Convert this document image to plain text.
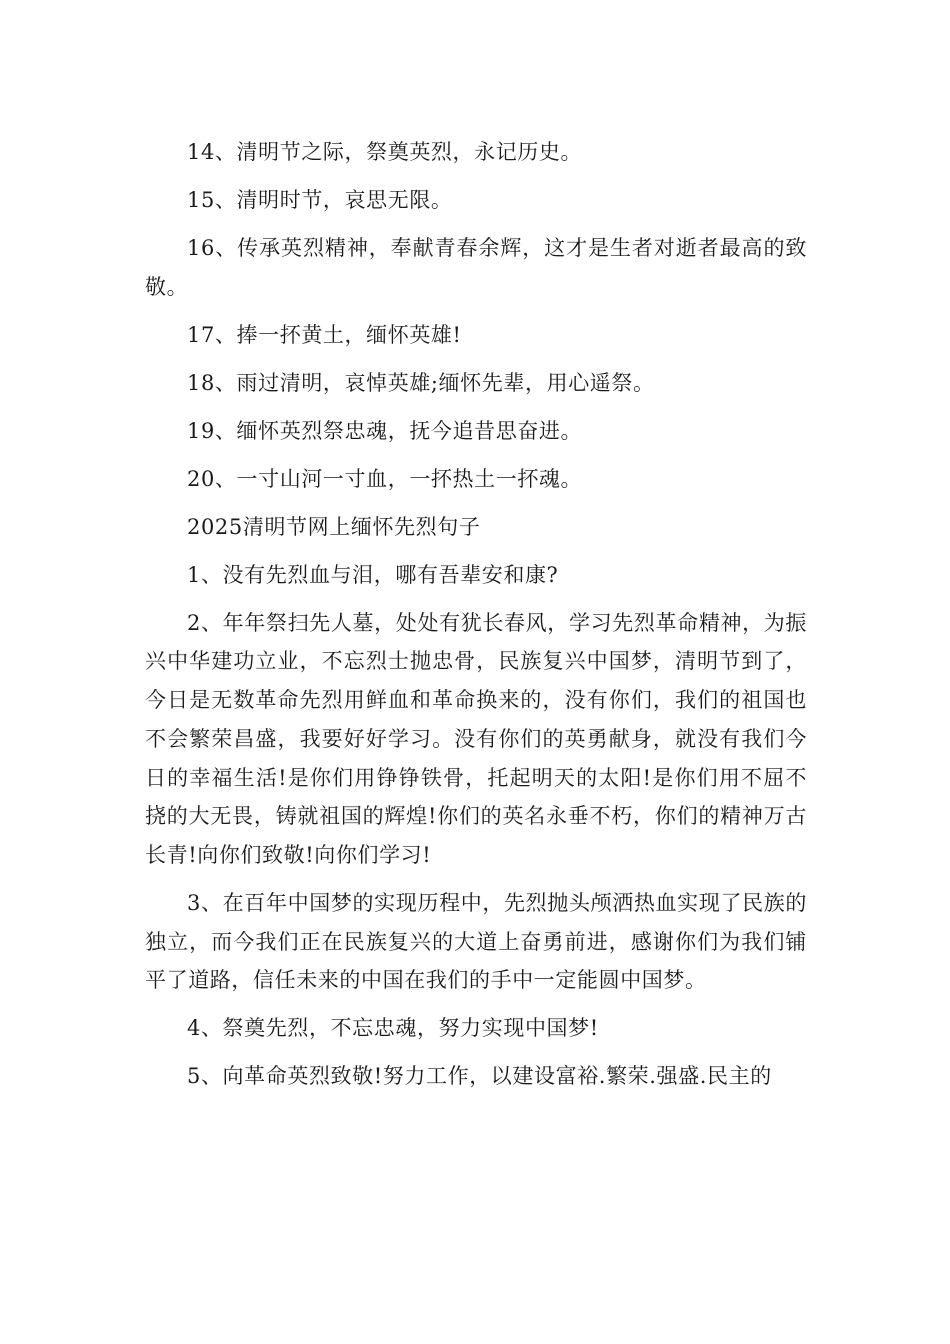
14、清明节之际，祭奠英烈，永记历史。

15、清明时节，哀思无限。

16、传承英烈精神，奉献青春余辉，这才是生者对逝者最高的致敬。

17、捧一抔黄土，缅怀英雄!

18、雨过清明，哀悼英雄;缅怀先辈，用心遥祭。

19、缅怀英烈祭忠魂，抚今追昔思奋进。

20、一寸山河一寸血，一抔热土一抔魂。

2025清明节网上缅怀先烈句子

1、没有先烈血与泪，哪有吾辈安和康?

2、年年祭扫先人墓，处处有犹长春风，学习先烈革命精神，为振兴中华建功立业，不忘烈士抛忠骨，民族复兴中国梦，清明节到了，今日是无数革命先烈用鲜血和革命换来的，没有你们，我们的祖国也不会繁荣昌盛，我要好好学习。没有你们的英勇献身，就没有我们今日的幸福生活!是你们用铮铮铁骨，托起明天的太阳!是你们用不屈不挠的大无畏，铸就祖国的辉煌!你们的英名永垂不朽，你们的精神万古长青!向你们致敬!向你们学习!

3、在百年中国梦的实现历程中，先烈抛头颅洒热血实现了民族的独立，而今我们正在民族复兴的大道上奋勇前进，感谢你们为我们铺平了道路，信任未来的中国在我们的手中一定能圆中国梦。

4、祭奠先烈，不忘忠魂，努力实现中国梦!

5、向革命英烈致敬!努力工作，以建设富裕.繁荣.强盛.民主的
